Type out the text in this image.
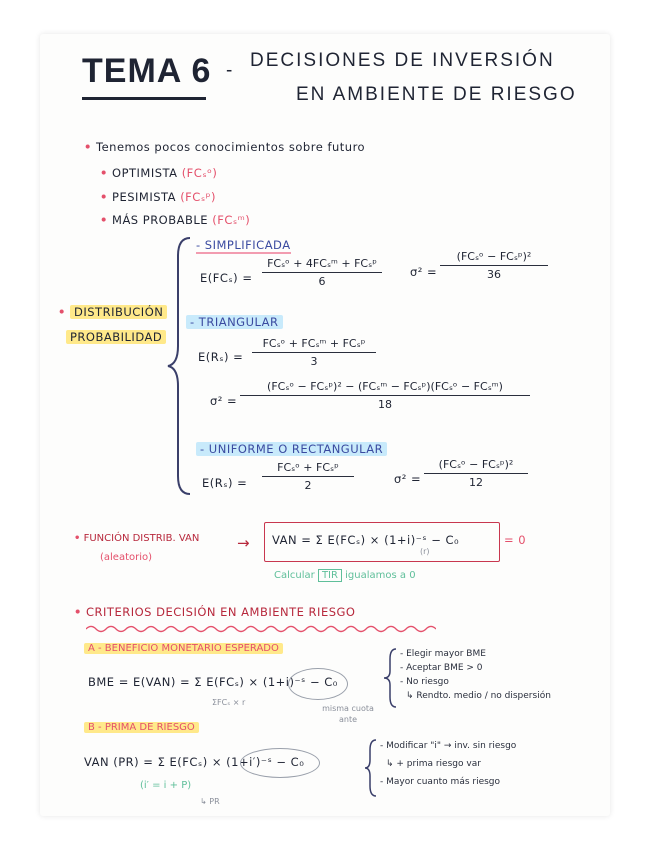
TEMA 6 - DECISIONES DE INVERSIÓN
EN AMBIENTE DE RIESGO
• Tenemos pocos conocimientos sobre futuro
• OPTIMISTA (FCₛᵒ)
• PESIMISTA (FCₛᵖ)
• MÁS PROBABLE (FCₛᵐ)
• DISTRIBUCIÓN
PROBABILIDAD
- SIMPLIFICADA
E(FCₛ) =
FCₛᵒ + 4FCₛᵐ + FCₛᵖ
6
σ² =
(FCₛᵒ − FCₛᵖ)²
36
- TRIANGULAR
E(Rₛ) =
FCₛᵒ + FCₛᵐ + FCₛᵖ
3
σ² =
(FCₛᵒ − FCₛᵖ)² − (FCₛᵐ − FCₛᵖ)(FCₛᵒ − FCₛᵐ)
18
- UNIFORME O RECTANGULAR
E(Rₛ) =
FCₛᵒ + FCₛᵖ
2	σ² =
(FCₛᵒ − FCₛᵖ)²
12
• FUNCIÓN DISTRIB. VAN
(aleatorio)
→ VAN = Σ E(FCₛ) × (1+i)⁻ˢ − C₀
(r)
= 0
Calcular TIR igualamos a 0
• CRITERIOS DECISIÓN EN AMBIENTE RIESGO
A - BENEFICIO MONETARIO ESPERADO
BME = E(VAN) = Σ E(FCₛ) × (1+i)⁻ˢ − C₀
ΣFCₛ × r
misma cuota
ante
- Elegir mayor BME
- Aceptar BME > 0
- No riesgo
↳ Rendto. medio / no dispersión
B - PRIMA DE RIESGO
VAN (PR) = Σ E(FCₛ) × (1+i′)⁻ˢ − C₀
(i′ = i + P)
↳ PR
- Modificar "i" → inv. sin riesgo
↳ + prima riesgo var
- Mayor cuanto más riesgo
